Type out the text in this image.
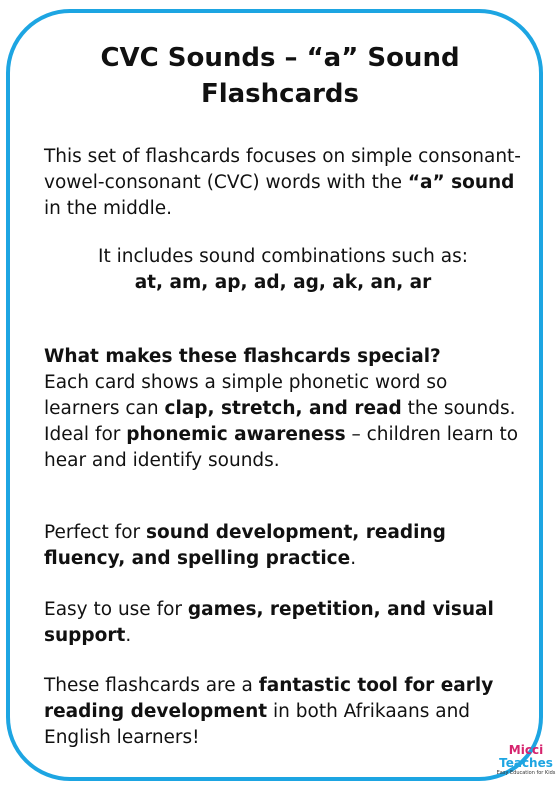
CVC Sounds – “a” Sound
Flashcards
This set of flashcards focuses on simple consonant-vowel-consonant (CVC) words with the “a” sound in the middle.
It includes sound combinations such as:
at, am, ap, ad, ag, ak, an, ar
What makes these flashcards special?
Each card shows a simple phonetic word so learners can clap, stretch, and read the sounds.
Ideal for phonemic awareness – children learn to hear and identify sounds.
Perfect for sound development, reading fluency, and spelling practice.
Easy to use for games, repetition, and visual support.
These flashcards are a fantastic tool for early reading development in both Afrikaans and English learners!
Micci
Teaches
Easy Education for Kids
